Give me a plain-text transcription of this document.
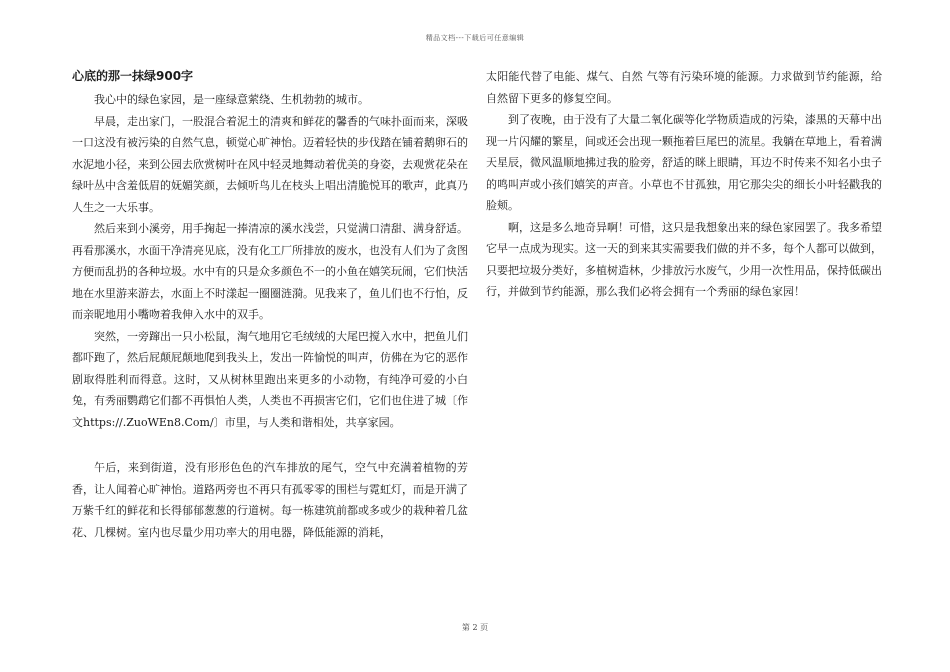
精品文档---下载后可任意编辑
心底的那一抹绿900字

我心中的绿色家园，是一座绿意萦绕、生机勃勃的城市。

早晨，走出家门，一股混合着泥土的清爽和鲜花的馨香的气味扑面而来，深吸一口这没有被污染的自然气息，顿觉心旷神怡。迈着轻快的步伐踏在铺着鹅卵石的水泥地小径，来到公园去欣赏树叶在风中轻灵地舞动着优美的身姿，去观赏花朵在绿叶丛中含羞低眉的妩媚笑颜，去倾听鸟儿在枝头上唱出清脆悦耳的歌声，此真乃人生之一大乐事。

然后来到小溪旁，用手掬起一捧清凉的溪水浅尝，只觉满口清甜、满身舒适。再看那溪水，水面干净清亮见底，没有化工厂所排放的废水，也没有人们为了贪图方便而乱扔的各种垃圾。水中有的只是众多颜色不一的小鱼在嬉笑玩闹，它们快活地在水里游来游去，水面上不时漾起一圈圈涟漪。见我来了，鱼儿们也不行怕，反而亲昵地用小嘴吻着我伸入水中的双手。

突然，一旁蹿出一只小松鼠，淘气地用它毛绒绒的大尾巴搅入水中，把鱼儿们都吓跑了，然后屁颠屁颠地爬到我头上，发出一阵愉悦的叫声，仿佛在为它的恶作剧取得胜利而得意。这时，又从树林里跑出来更多的小动物，有纯净可爱的小白兔，有秀丽鹦鹉它们都不再惧怕人类，人类也不再损害它们，它们也住进了城〔作文https://.ZuoWEn8.Com/〕市里，与人类和谐相处，共享家园。

午后，来到街道，没有形形色色的汽车排放的尾气，空气中充满着植物的芳香，让人闻着心旷神怡。道路两旁也不再只有孤零零的围栏与霓虹灯，而是开满了万紫千红的鲜花和长得郁郁葱葱的行道树。每一栋建筑前都或多或少的栽种着几盆花、几棵树。室内也尽量少用功率大的用电器，降低能源的消耗，

太阳能代替了电能、煤气、自然 气等有污染环境的能源。力求做到节约能源，给自然留下更多的修复空间。

到了夜晚，由于没有了大量二氧化碳等化学物质造成的污染，漆黑的天幕中出现一片闪耀的繁星，间或还会出现一颗拖着巨尾巴的流星。我躺在草地上，看着满天星辰，微风温顺地拂过我的脸旁，舒适的眯上眼睛，耳边不时传来不知名小虫子的鸣叫声或小孩们嬉笑的声音。小草也不甘孤独，用它那尖尖的细长小叶轻戳我的脸颊。

啊，这是多么地奇异啊！可惜，这只是我想象出来的绿色家园罢了。我多希望它早一点成为现实。这一天的到来其实需要我们做的并不多，每个人都可以做到，只要把垃圾分类好，多植树造林，少排放污水废气，少用一次性用品，保持低碳出行，并做到节约能源，那么我们必将会拥有一个秀丽的绿色家园！

第 2 页
